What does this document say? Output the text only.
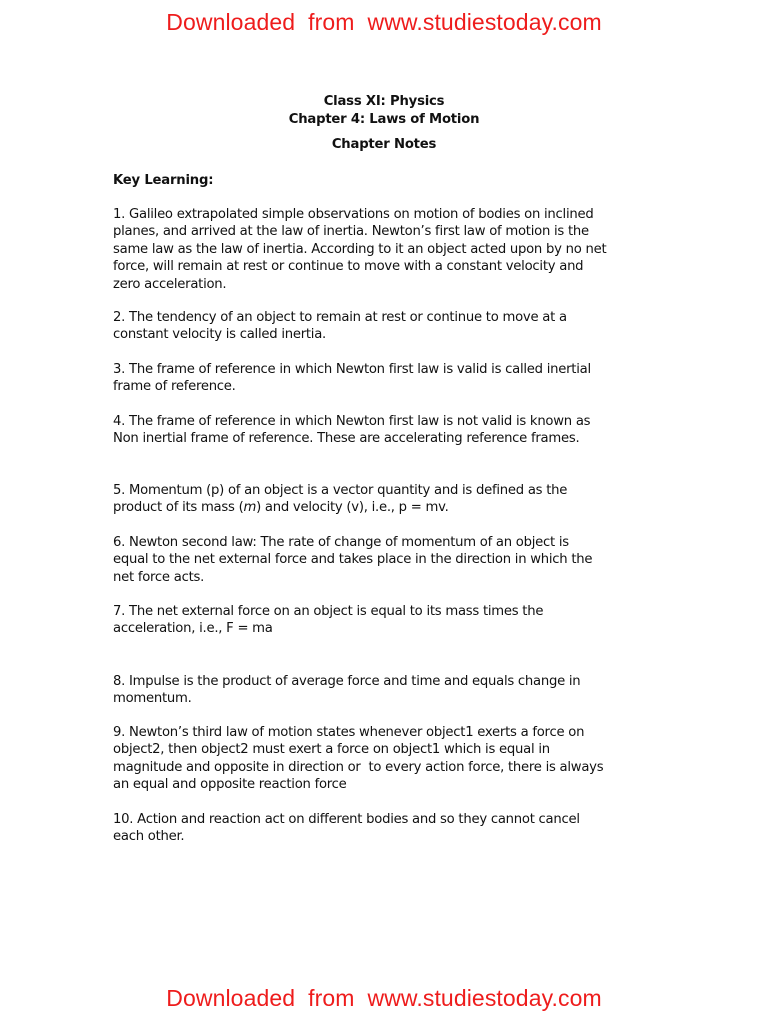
Downloaded  from  www.studiestoday.com
Class XI: Physics
Chapter 4: Laws of Motion
Chapter Notes
Key Learning:

1. Galileo extrapolated simple observations on motion of bodies on inclined
planes, and arrived at the law of inertia. Newton’s first law of motion is the
same law as the law of inertia. According to it an object acted upon by no net
force, will remain at rest or continue to move with a constant velocity and
zero acceleration.

2. The tendency of an object to remain at rest or continue to move at a
constant velocity is called inertia.

3. The frame of reference in which Newton first law is valid is called inertial
frame of reference.

4. The frame of reference in which Newton first law is not valid is known as
Non inertial frame of reference. These are accelerating reference frames.

5. Momentum (p) of an object is a vector quantity and is defined as the
product of its mass (m) and velocity (v), i.e., p = mv.

6. Newton second law: The rate of change of momentum of an object is
equal to the net external force and takes place in the direction in which the
net force acts.

7. The net external force on an object is equal to its mass times the
acceleration, i.e., F = ma

8. Impulse is the product of average force and time and equals change in
momentum.

9. Newton’s third law of motion states whenever object1 exerts a force on
object2, then object2 must exert a force on object1 which is equal in
magnitude and opposite in direction or  to every action force, there is always
an equal and opposite reaction force

10. Action and reaction act on different bodies and so they cannot cancel
each other.

Downloaded  from  www.studiestoday.com
